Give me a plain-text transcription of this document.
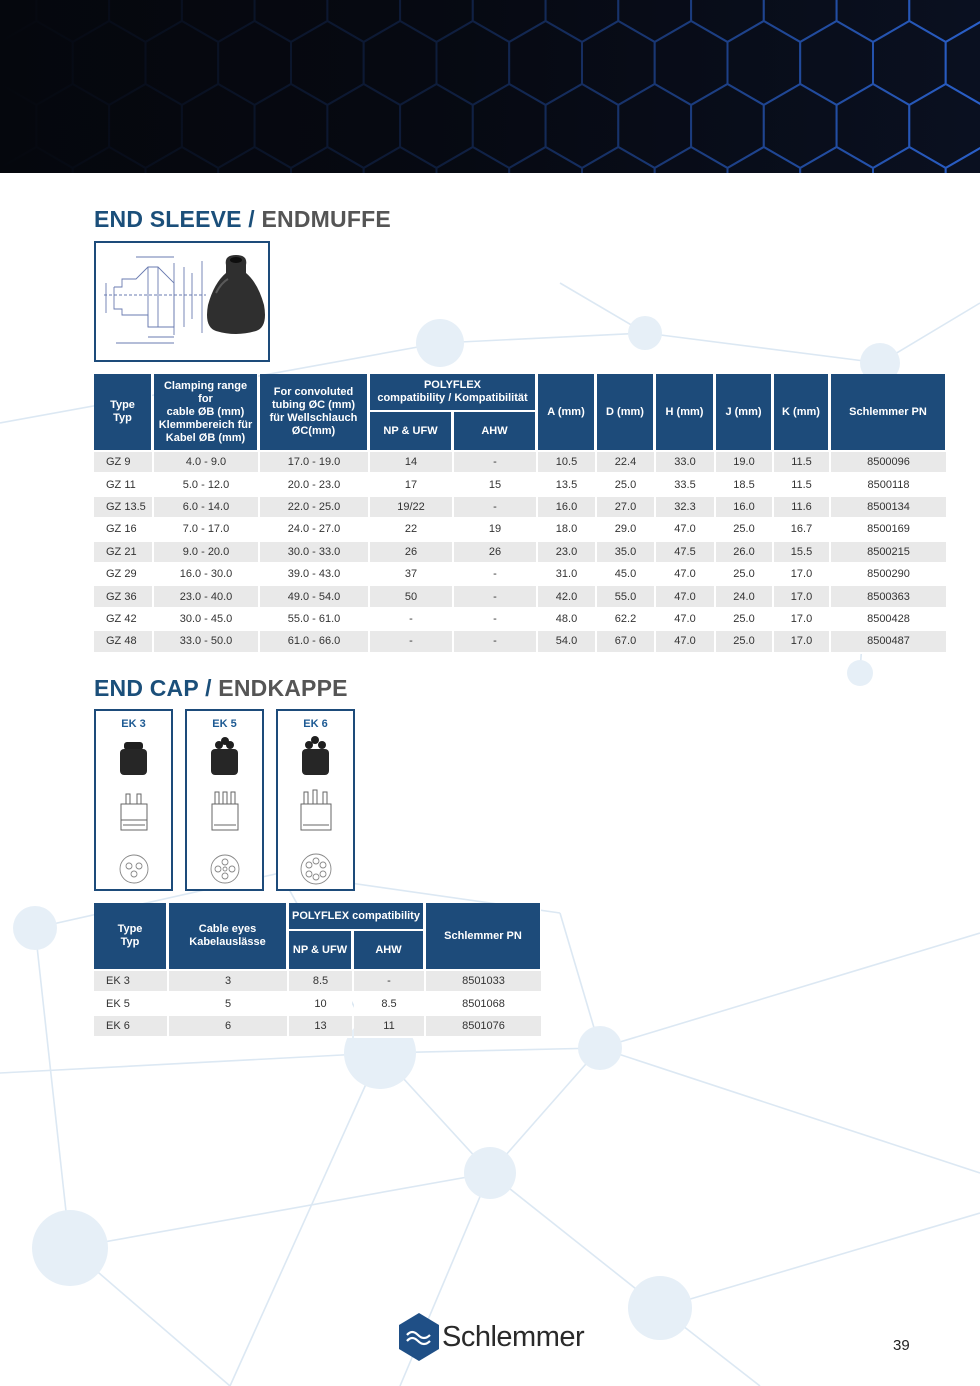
END SLEEVE / ENDMUFFE
Type
Typ	Clamping range for
cable ØB (mm)
Klemmbereich für
Kabel ØB (mm)	For convoluted
tubing ØC (mm)
für Wellschlauch
ØC(mm)	POLYFLEX
compatibility / Kompatibilität		A (mm)	D (mm)	H (mm)	J (mm)	K (mm)	Schlemmer PN
			NP & UFW	AHW						

GZ 9	4.0 - 9.0	17.0 - 19.0	14	-	10.5	22.4	33.0	19.0	11.5	8500096
GZ 11	5.0 - 12.0	20.0 - 23.0	17	15	13.5	25.0	33.5	18.5	11.5	8500118
GZ 13.5	6.0 - 14.0	22.0 - 25.0	19/22	-	16.0	27.0	32.3	16.0	11.6	8500134
GZ 16	7.0 - 17.0	24.0 - 27.0	22	19	18.0	29.0	47.0	25.0	16.7	8500169
GZ 21	9.0 - 20.0	30.0 - 33.0	26	26	23.0	35.0	47.5	26.0	15.5	8500215
GZ 29	16.0 - 30.0	39.0 - 43.0	37	-	31.0	45.0	47.0	25.0	17.0	8500290
GZ 36	23.0 - 40.0	49.0 - 54.0	50	-	42.0	55.0	47.0	24.0	17.0	8500363
GZ 42	30.0 - 45.0	55.0 - 61.0	-	-	48.0	62.2	47.0	25.0	17.0	8500428
GZ 48	33.0 - 50.0	61.0 - 66.0	-	-	54.0	67.0	47.0	25.0	17.0	8500487
END CAP / ENDKAPPE
EK 3	EK 5	EK 6
Type
Typ	Cable eyes
Kabelauslässe	POLYFLEX compatibility		Schlemmer PN
		NP & UFW	AHW	

EK 3	3	8.5	-	8501033
EK 5	5	10	8.5	8501068
EK 6	6	13	11	8501076
Schlemmer	39
